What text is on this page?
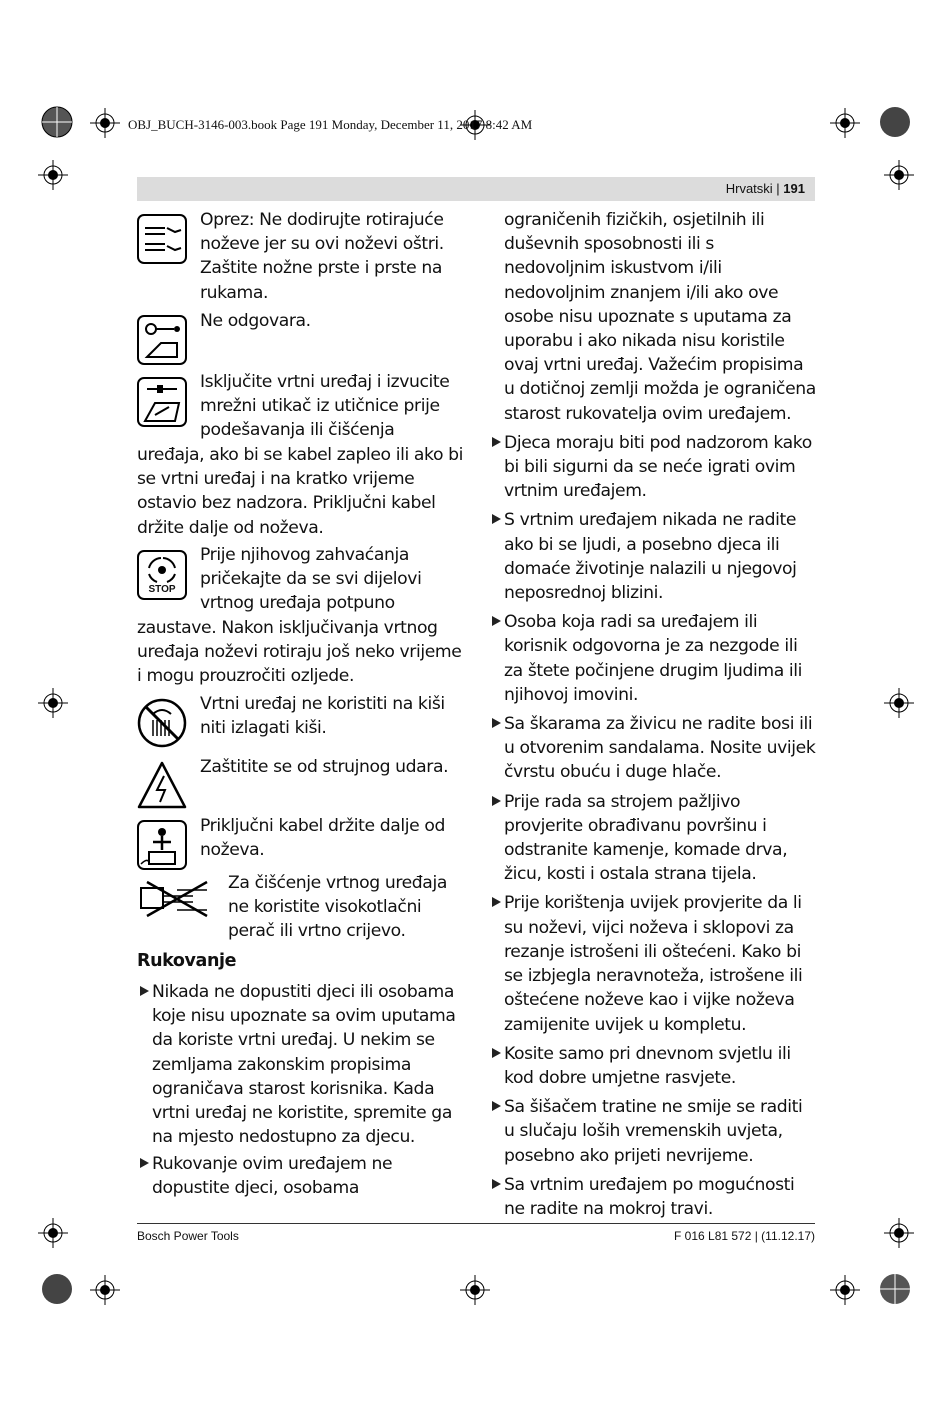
OBJ_BUCH-3146-003.book Page 191 Monday, December 11, 2017 8:42 AM
Hrvatski | 191
STOP
Oprez: Ne dodirujte rotirajuće noževe jer su ovi noževi oštri. Zaštite nožne prste i prste na rukama.
Ne odgovara.
Isključite vrtni uređaj i izvucite mrežni utikač iz utičnice prije podešavanja ili čišćenja
uređaja, ako bi se kabel zapleo ili ako bi se vrtni uređaj i na kratko vrijeme ostavio bez nadzora. Priključni kabel držite dalje od noževa.
Prije njihovog zahvaćanja pričekajte da se svi dijelovi vrtnog uređaja potpuno
zaustave. Nakon isključivanja vrtnog uređaja noževi rotiraju još neko vrijeme i mogu prouzročiti ozljede.
Vrtni uređaj ne koristiti na kiši niti izlagati kiši.
Zaštitite se od strujnog udara.
Priključni kabel držite dalje od noževa.
Za čišćenje vrtnog uređaja ne koristite visokotlačni perač ili vrtno crijevo.
Rukovanje
Nikada ne dopustiti djeci ili osobama koje nisu upoznate sa ovim uputama da koriste vrtni uređaj. U nekim se zemljama zakonskim propisima ograničava starost korisnika. Kada vrtni uređaj ne koristite, spremite ga na mjesto nedostupno za djecu.
Rukovanje ovim uređajem ne dopustite djeci, osobama

ograničenih fizičkih, osjetilnih ili duševnih sposobnosti ili s nedovoljnim iskustvom i/ili nedovoljnim znanjem i/ili ako ove osobe nisu upoznate s uputama za uporabu i ako nikada nisu koristile ovaj vrtni uređaj. Važećim propisima u dotičnoj zemlji možda je ograničena starost rukovatelja ovim uređajem.

Djeca moraju biti pod nadzorom kako bi bili sigurni da se neće igrati ovim vrtnim uređajem.
S vrtnim uređajem nikada ne radite ako bi se ljudi, a posebno djeca ili domaće životinje nalazili u njegovoj neposrednoj blizini.
Osoba koja radi sa uređajem ili korisnik odgovorna je za nezgode ili za štete počinjene drugim ljudima ili njihovoj imovini.
Sa škarama za živicu ne radite bosi ili u otvorenim sandalama. Nosite uvijek čvrstu obuću i duge hlače.
Prije rada sa strojem pažljivo provjerite obrađivanu površinu i odstranite kamenje, komade drva, žicu, kosti i ostala strana tijela.
Prije korištenja uvijek provjerite da li su noževi, vijci noževa i sklopovi za rezanje istrošeni ili oštećeni. Kako bi se izbjegla neravnoteža, istrošene ili oštećene noževe kao i vijke noževa zamijenite uvijek u kompletu.
Kosite samo pri dnevnom svjetlu ili kod dobre umjetne rasvjete.
Sa šišačem tratine ne smije se raditi u slučaju loših vremenskih uvjeta, posebno ako prijeti nevrijeme.
Sa vrtnim uređajem po mogućnosti ne radite na mokroj travi.
Bosch Power Tools	F 016 L81 572 | (11.12.17)
